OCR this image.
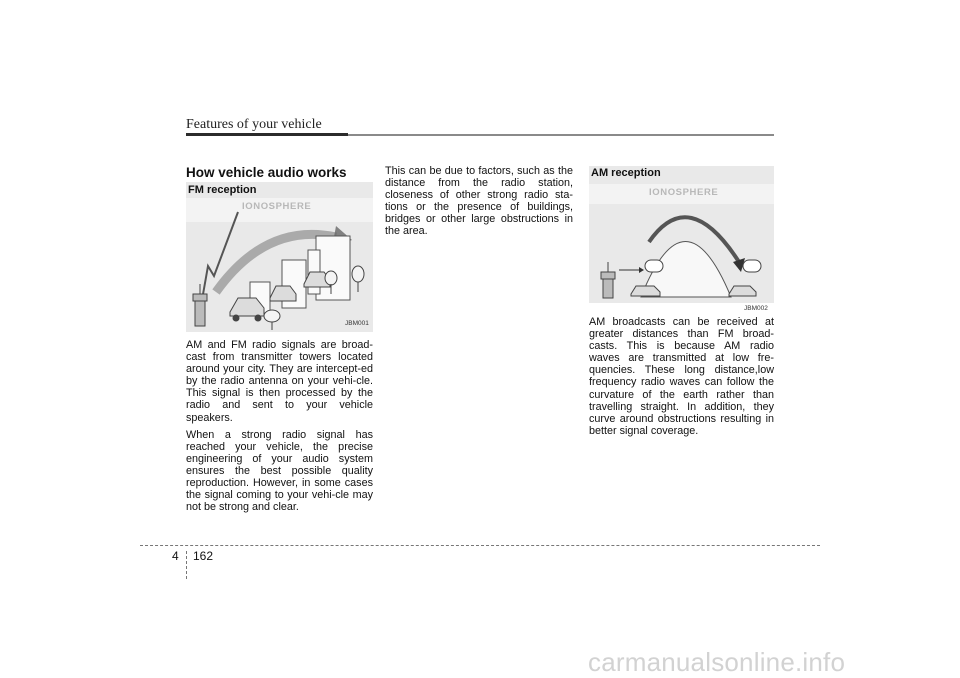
Features of your vehicle
How vehicle audio works
FM reception
IONOSPHERE
JBM001

AM and FM radio signals are broad-cast from transmitter towers located around your city. They are intercept-ed by the radio antenna on your vehi-cle. This signal is then processed by the radio and sent to your vehicle speakers.

When a strong radio signal has reached your vehicle, the precise engineering of your audio system ensures the best possible quality reproduction. However, in some cases the signal coming to your vehi-cle may not be strong and clear.

This can be due to factors, such as the distance from the radio station, closeness of other strong radio sta-tions or the presence of buildings, bridges or other large obstructions in the area.

AM reception
IONOSPHERE
JBM002

AM broadcasts can be received at greater distances than FM broad-casts. This is because AM radio waves are transmitted at low fre-quencies. These long distance,low frequency radio waves can follow the curvature of the earth rather than travelling straight. In addition, they curve around obstructions resulting in better signal coverage.

4 162
carmanualsonline.info
